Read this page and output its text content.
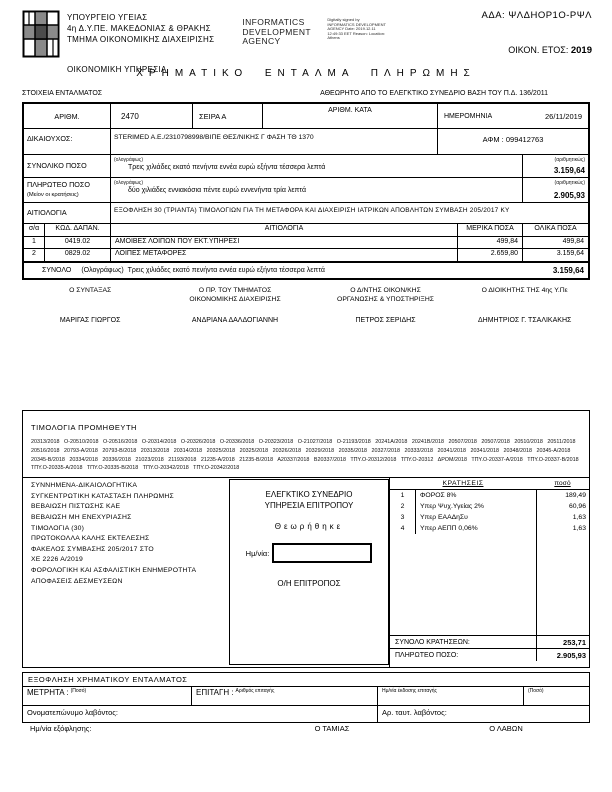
ΥΠΟΥΡΓΕΙΟ ΥΓΕΙΑΣ
4η Δ.Υ.ΠΕ. ΜΑΚΕΔΟΝΙΑΣ & ΘΡΑΚΗΣ
ΤΜΗΜΑ ΟΙΚΟΝΟΜΙΚΗΣ ΔΙΑΧΕΙΡΙΣΗΣ
ΟΙΚΟΝΟΜΙΚΗ ΥΠΗΡΕΣΙΑ
INFORMATICS DEVELOPMENT AGENCY
Digitally signed by INFORMATICS DEVELOPMENT AGENCY Date: 2019.12.11 12:49:33 EET Reason: Location: Athens
ΑΔΑ: ΨΛΔΗΟΡ1Ο-ΡΨΛ
ΟΙΚΟΝ. ΕΤΟΣ: 2019
ΧΡΗΜΑΤΙΚΟ ΕΝΤΑΛΜΑ ΠΛΗΡΩΜΗΣ
ΣΤΟΙΧΕΙΑ ΕΝΤΑΛΜΑΤΟΣ	ΑΘΕΩΡΗΤΟ ΑΠΟ ΤΟ ΕΛΕΓΚΤΙΚΟ ΣΥΝΕΔΡΙΟ ΒΑΣΗ ΤΟΥ Π.Δ. 136/2011
ΑΡΙΘΜ.	2470	ΣΕΙΡΑ Α
ΑΡΙΘΜ. ΚΑΤΑ
ΗΜΕΡΟΜΗΝΙΑ	26/11/2019
ΔΙΚΑΙΟΥΧΟΣ:	STERIMED A.E./2310798998/ΒΙΠΕ ΘΕΣ/ΝΙΚΗΣ Γ ΦΑΣΗ ΤΘ 1370	ΑΦΜ : 099412763
ΣΥΝΟΛΙΚΟ ΠΟΣΟ
(ολογράφως)
Τρεις χιλιάδες εκατό πενήντα εννέα ευρώ εξήντα τέσσερα λεπτά
(αριθμητικώς)
3.159,64
ΠΛΗΡΩΤΕΟ ΠΟΣΟ
(Μείον οι κρατήσεις)
(ολογράφως)
δύο χιλιάδες εννιακόσια πέντε ευρώ εννενήντα τρία λεπτά
(αριθμητικώς)
2.905,93
ΑΙΤΙΟΛΟΓΙΑ	ΕΞΟΦΛΗΣΗ 30 (ΤΡΙΑΝΤΑ) ΤΙΜΟΛΟΓΙΩΝ ΓΙΑ ΤΗ ΜΕΤΑΦΟΡΑ ΚΑΙ ΔΙΑΧΕΙΡΙΣΗ ΙΑΤΡΙΚΩΝ ΑΠΟΒΛΗΤΩΝ ΣΥΜΒΑΣΗ 205/2017 ΚΥ
σ/α	ΚΩΔ. ΔΑΠΑΝ.	ΑΙΤΙΟΛΟΓΙΑ	ΜΕΡΙΚΑ ΠΟΣΑ	ΟΛΙΚΑ ΠΟΣΑ
1	0419.02	ΑΜΟΙΒΕΣ ΛΟΙΠΩΝ ΠΟΥ ΕΚΤ.ΥΠΗΡΕΣΙ	499,84	499,84
2	0829.02	ΛΟΙΠΕΣ ΜΕΤΑΦΟΡΕΣ	2.659,80	3.159,64
ΣΥΝΟΛΟ (Ολογράφως) Τρεις χιλιάδες εκατό πενήντα εννέα ευρώ εξήντα τέσσερα λεπτά	3.159,64
Ο ΣΥΝΤΑΞΑΣ
ΜΑΡΙΓΑΣ ΓΙΩΡΓΟΣ
Ο ΠΡ. ΤΟΥ ΤΜΗΜΑΤΟΣ
ΟΙΚΟΝΟΜΙΚΗΣ ΔΙΑΧΕΙΡΙΣΗΣ
ΑΝΔΡΙΑΝΑ ΔΑΛΔΟΓΙΑΝΝΗ
Ο Δ/ΝΤΗΣ ΟΙΚΟΝ/ΚΗΣ
ΟΡΓΑΝΩΣΗΣ & ΥΠΟΣΤΗΡΙΞΗΣ
ΠΕΤΡΟΣ ΣΕΡΙΔΗΣ
Ο ΔΙΟΙΚΗΤΗΣ ΤΗΣ 4ης Υ.Πε
ΔΗΜΗΤΡΙΟΣ Γ. ΤΣΑΛΙΚΑΚΗΣ
ΤΙΜΟΛΟΓΙΑ ΠΡΟΜΗΘΕΥΤΗ
20313/2018 Ο-20510/2018 Ο-20516/2018 Ο-20314/2018 Ο-20326/2018 Ο-20336/2018 Ο-20323/2018 Ο-21027/2018 Ο-21193/2018 20241Α/2018 20241Β/2018 20507/2018 20507/2018 20510/2018 20511/2018 20516/2018 20793-Α/2018 20793-Β/2018 20313/2018 20314/2018 20325/2018 20325/2018 20326/2018 20329/2018 20335/2018 20327/2018 20333/2018 20341/2018 20341/2018 20348/2018 20345-Α/2018 20345-Β/2018 20334/2018 20336/2018 21023/2018 21193/2018 21235-Α/2018 21235-Β/2018 Α20337/2018 Β20337/2018 ΤΠΥ.Ο-20312/2018 ΤΠΥ.Ο-20312 ΔΡΟΜ/2018 ΤΠΥ.Ο-20337-Α/2018 ΤΠΥ.Ο-20337-Β/2018 ΤΠΥ.Ο-20335-Α/2018 ΤΠΥ.Ο-20335-Β/2018 ΤΠΥ.Ο-20342/2018 ΤΠΥ.Ο-20342/2018
ΣΥΝΝΗΜΕΝΑ-ΔΙΚΑΙΟΛΟΓΗΤΙΚΑ
ΣΥΓΚΕΝΤΡΩΤΙΚΗ ΚΑΤΑΣΤΑΣΗ ΠΛΗΡΩΜΗΣ
ΒΕΒΑΙΩΣΗ ΠΙΣΤΩΣΗΣ ΚΑΕ
ΒΕΒΑΙΩΣΗ ΜΗ ΕΝΕΧΥΡΙΑΣΗΣ
ΤΙΜΟΛΟΓΙΑ (30)
ΠΡΩΤΟΚΟΛΛΑ ΚΑΛΗΣ ΕΚΤΕΛΕΣΗΣ
ΦΑΚΕΛΟΣ ΣΥΜΒΑΣΗΣ 205/2017 ΣΤΟ
ΧΕ 2226 Α/2019
ΦΟΡΟΛΟΓΙΚΗ ΚΑΙ ΑΣΦΑΛΙΣΤΙΚΗ ΕΝΗΜΕΡΟΤΗΤΑ
ΑΠΟΦΑΣΕΙΣ ΔΕΣΜΕΥΣΕΩΝ
ΕΛΕΓΚΤΙΚΟ ΣΥΝΕΔΡΙΟ
ΥΠΗΡΕΣΙΑ ΕΠΙΤΡΟΠΟΥ
Θεωρήθηκε
Ημ/νία:
Ο/Η ΕΠΙΤΡΟΠΟΣ
ΚΡΑΤΗΣΕΙΣ	ποσό
1	ΦΟΡΟΣ 8%	189,49
2	Υπερ Ψυχ.Υγείας 2%	60,96
3	Υπερ ΕΑΑΔηΣυ	1,63
4	Υπερ ΑΕΠΠ 0,06%	1,63
ΣΥΝΟΛΟ ΚΡΑΤΗΣΕΩΝ:	253,71
ΠΛΗΡΩΤΕΟ ΠΟΣΟ:	2.905,93
ΕΞΟΦΛΗΣΗ ΧΡΗΜΑΤΙΚΟΥ ΕΝΤΑΛΜΑΤΟΣ
ΜΕΤΡΗΤΑ : $^{(\Pi o\sigma ό)}$	ΕΠΙΤΑΓΗ : $^{A\rho\iota\theta\mu ό\varsigma \varepsilon\pi\iota\tau\alpha\gamma ή\varsigma}$	$^{H\mu/\nu ί\alpha έ\kappa\delta o\sigma\eta\varsigma \varepsilon\pi\iota\tau\alpha\gamma ή\varsigma}$	$^{(\Pi o\sigma ό)}$
Ονοματεπώνυμο λαβόντος:	Αρ. ταυτ. λαβόντος:
Ημ/νία εξόφλησης:	Ο ΤΑΜΙΑΣ	Ο ΛΑΒΩΝ
